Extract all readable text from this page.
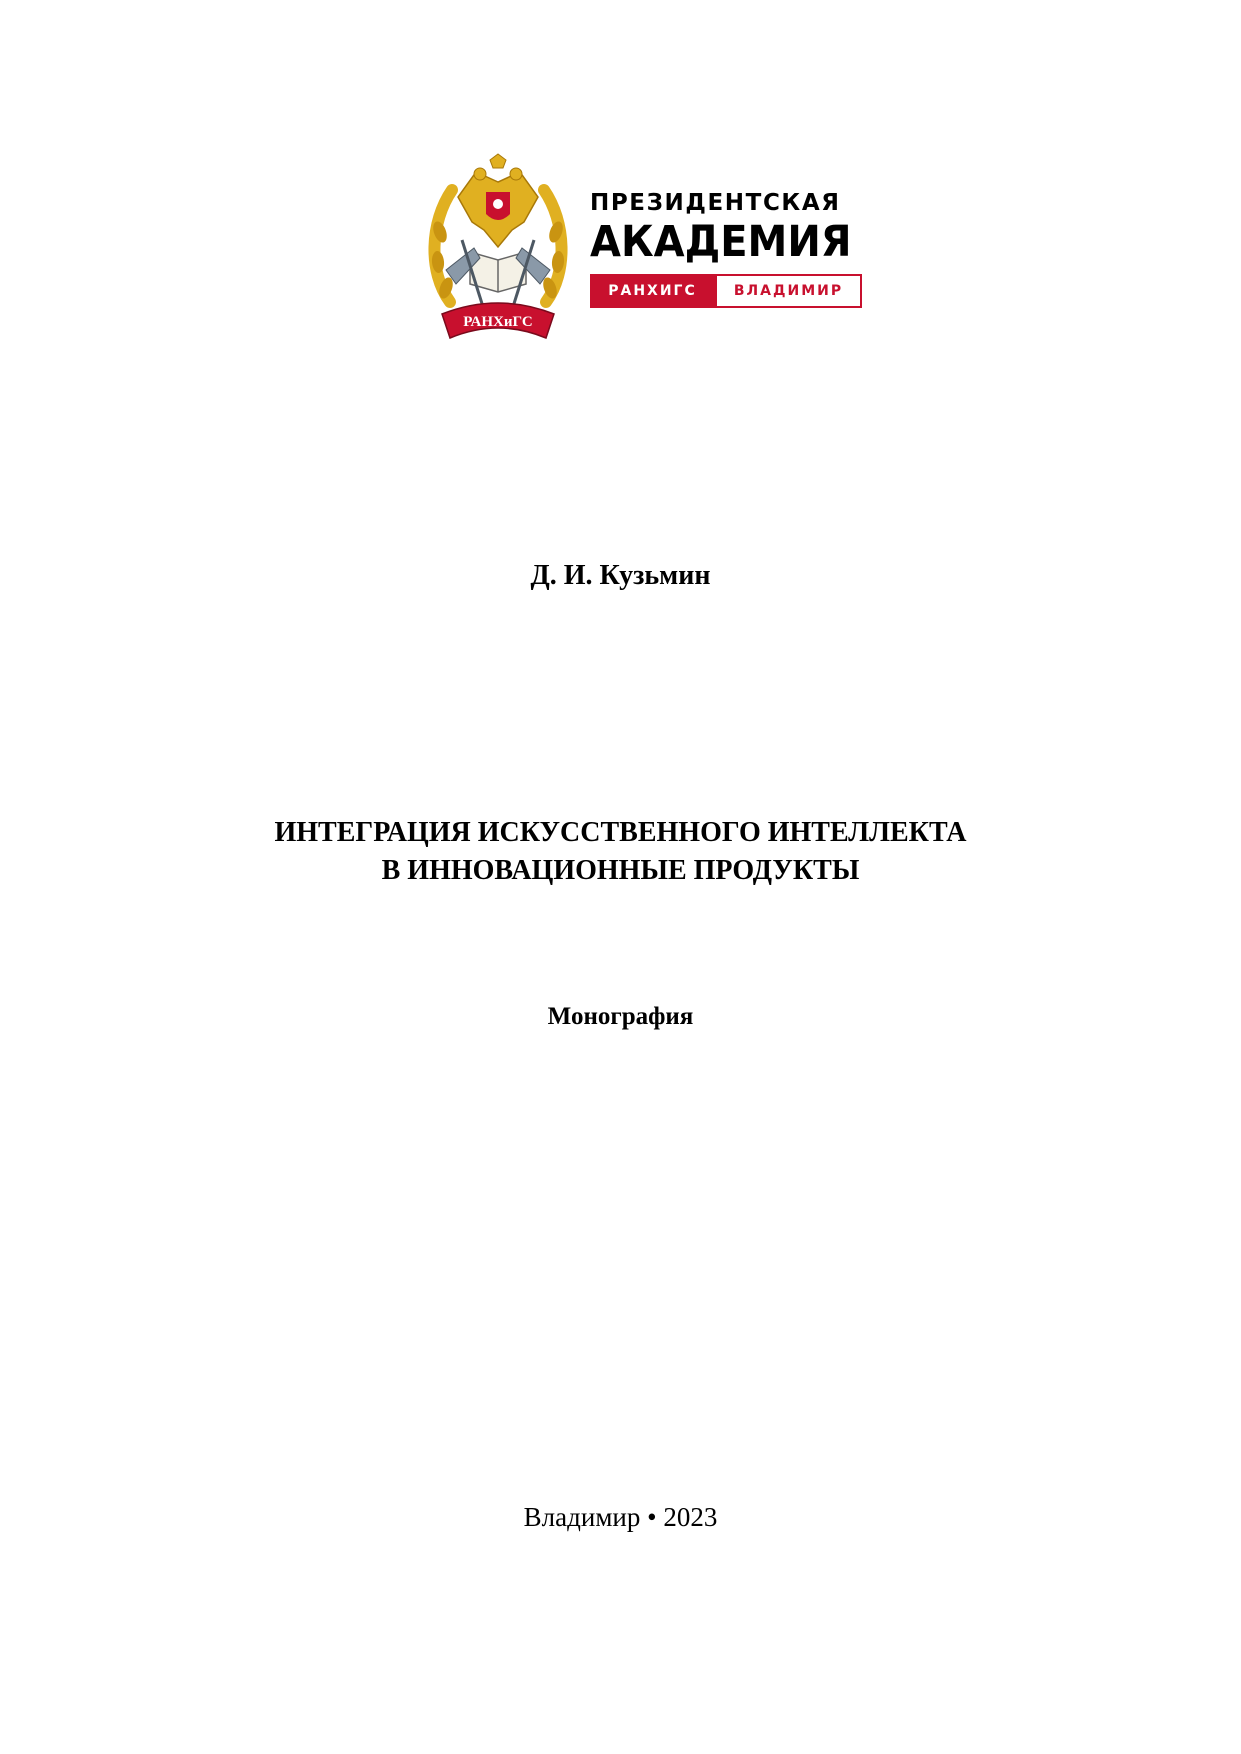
РАНХиГС
ПРЕЗИДЕНТСКАЯ
АКАДЕМИЯ
РАНХИГС	ВЛАДИМИР
Д. И. Кузьмин
ИНТЕГРАЦИЯ ИСКУССТВЕННОГО ИНТЕЛЛЕКТА
В ИННОВАЦИОННЫЕ ПРОДУКТЫ
Монография
Владимир • 2023
